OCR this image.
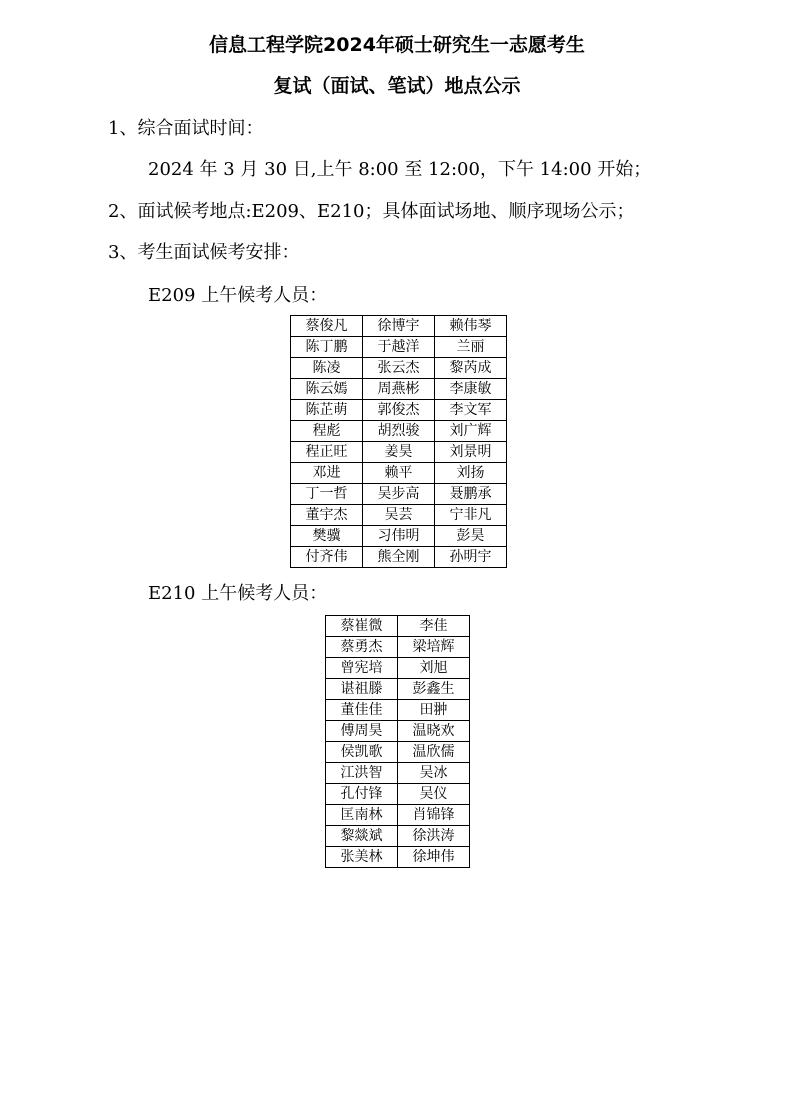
信息工程学院2024年硕士研究生一志愿考生
复试（面试、笔试）地点公示
1、综合面试时间：
2024 年 3 月 30 日,上午 8:00 至 12:00，下午 14:00 开始；
2、面试候考地点:E209、E210；具体面试场地、顺序现场公示；
3、考生面试候考安排：
E209 上午候考人员：
蔡俊凡	徐博宇	赖伟琴
陈丁鹏	于越洋	兰丽
陈凌	张云杰	黎芮成
陈云嫣	周燕彬	李康敏
陈芷萌	郭俊杰	李文军
程彪	胡烈骏	刘广辉
程正旺	姜昊	刘景明
邓进	赖平	刘扬
丁一哲	吴步高	聂鹏承
董宇杰	吴芸	宁非凡
樊骥	习伟明	彭昊
付齐伟	熊全刚	孙明宇
E210 上午候考人员：
蔡崔微	李佳
蔡勇杰	梁培辉
曾宪培	刘旭
谌祖滕	彭鑫生
董佳佳	田翀
傅周昊	温晓欢
侯凯歌	温欣儒
江洪智	吴冰
孔付锋	吴仪
匡南林	肖锦锋
黎燚斌	徐洪涛
张美林	徐坤伟
